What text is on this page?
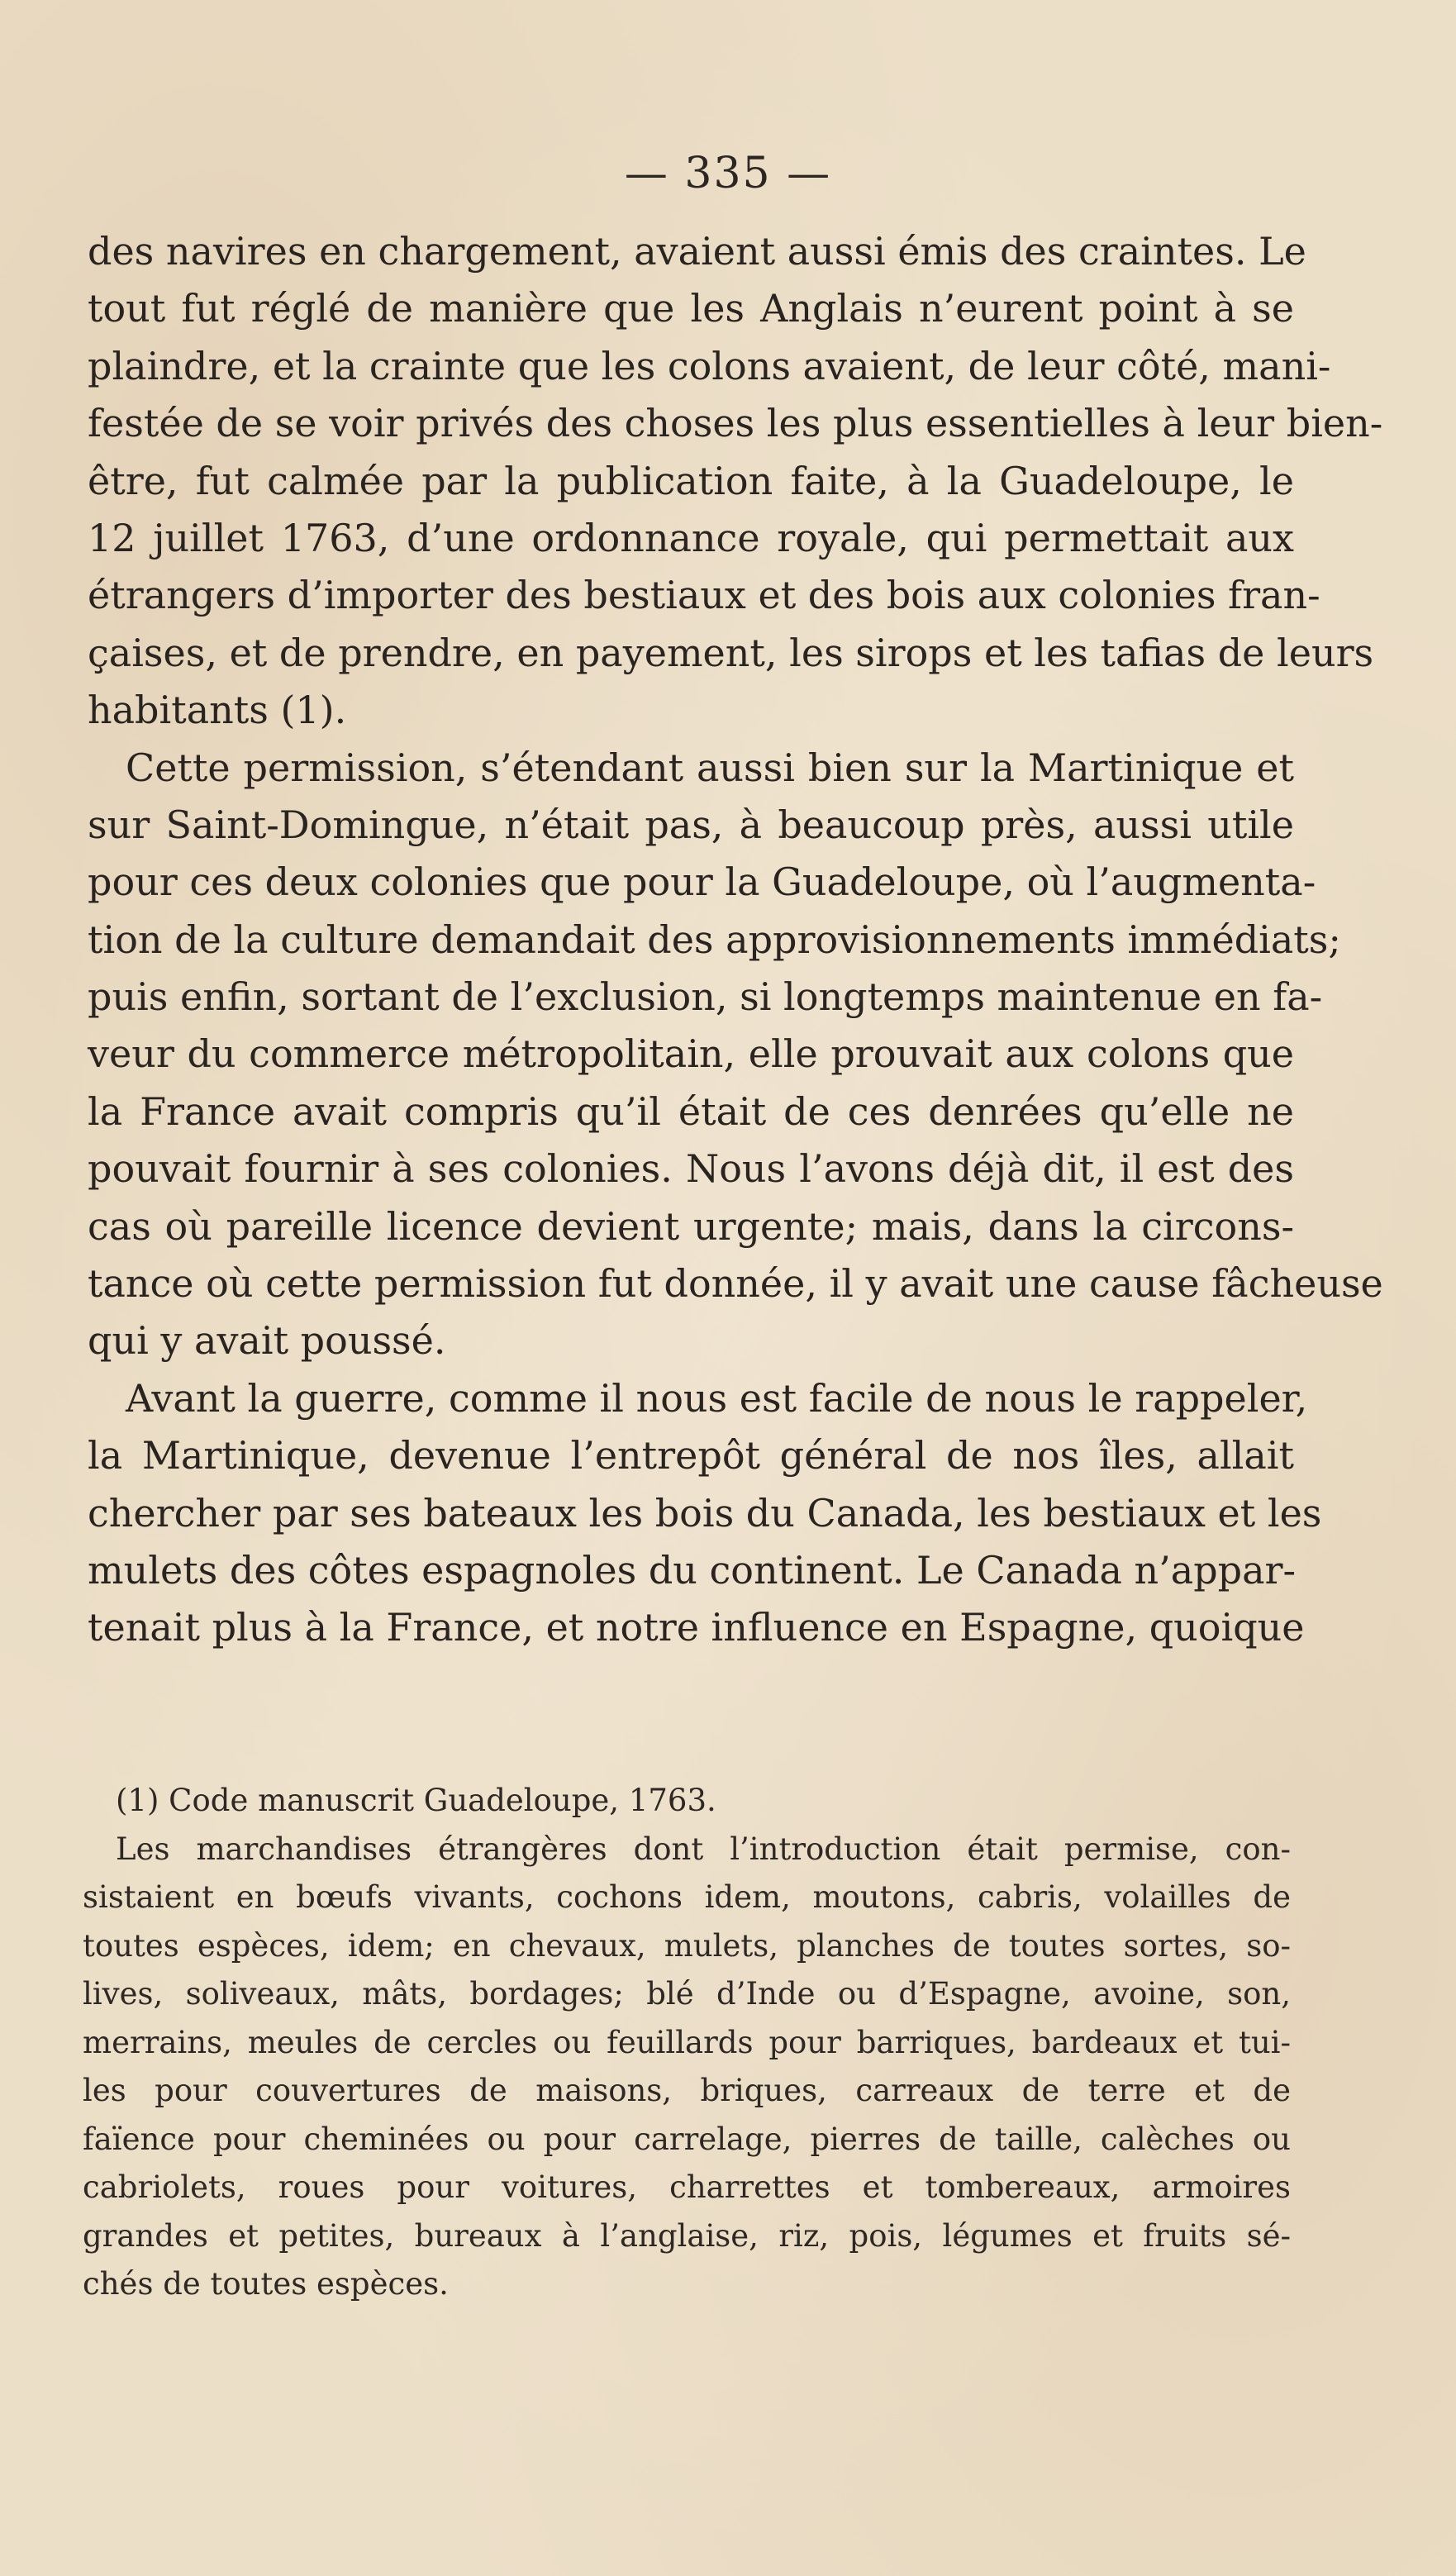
— 335 —
des navires en chargement, avaient aussi émis des craintes. Le
tout fut réglé de manière que les Anglais n’eurent point à se
plaindre, et la crainte que les colons avaient, de leur côté, mani-
festée de se voir privés des choses les plus essentielles à leur bien-
être, fut calmée par la publication faite, à la Guadeloupe, le
12 juillet 1763, d’une ordonnance royale, qui permettait aux
étrangers d’importer des bestiaux et des bois aux colonies fran-
çaises, et de prendre, en payement, les sirops et les tafias de leurs
habitants (1).
Cette permission, s’étendant aussi bien sur la Martinique et
sur Saint-Domingue, n’était pas, à beaucoup près, aussi utile
pour ces deux colonies que pour la Guadeloupe, où l’augmenta-
tion de la culture demandait des approvisionnements immédiats;
puis enfin, sortant de l’exclusion, si longtemps maintenue en fa-
veur du commerce métropolitain, elle prouvait aux colons que
la France avait compris qu’il était de ces denrées qu’elle ne
pouvait fournir à ses colonies. Nous l’avons déjà dit, il est des
cas où pareille licence devient urgente; mais, dans la circons-
tance où cette permission fut donnée, il y avait une cause fâcheuse
qui y avait poussé.
Avant la guerre, comme il nous est facile de nous le rappeler,
la Martinique, devenue l’entrepôt général de nos îles, allait
chercher par ses bateaux les bois du Canada, les bestiaux et les
mulets des côtes espagnoles du continent. Le Canada n’appar-
tenait plus à la France, et notre influence en Espagne, quoique
(1) Code manuscrit Guadeloupe, 1763.
Les marchandises étrangères dont l’introduction était permise, con-
sistaient en bœufs vivants, cochons idem, moutons, cabris, volailles de
toutes espèces, idem; en chevaux, mulets, planches de toutes sortes, so-
lives, soliveaux, mâts, bordages; blé d’Inde ou d’Espagne, avoine, son,
merrains, meules de cercles ou feuillards pour barriques, bardeaux et tui-
les pour couvertures de maisons, briques, carreaux de terre et de
faïence pour cheminées ou pour carrelage, pierres de taille, calèches ou
cabriolets, roues pour voitures, charrettes et tombereaux, armoires
grandes et petites, bureaux à l’anglaise, riz, pois, légumes et fruits sé-
chés de toutes espèces.
